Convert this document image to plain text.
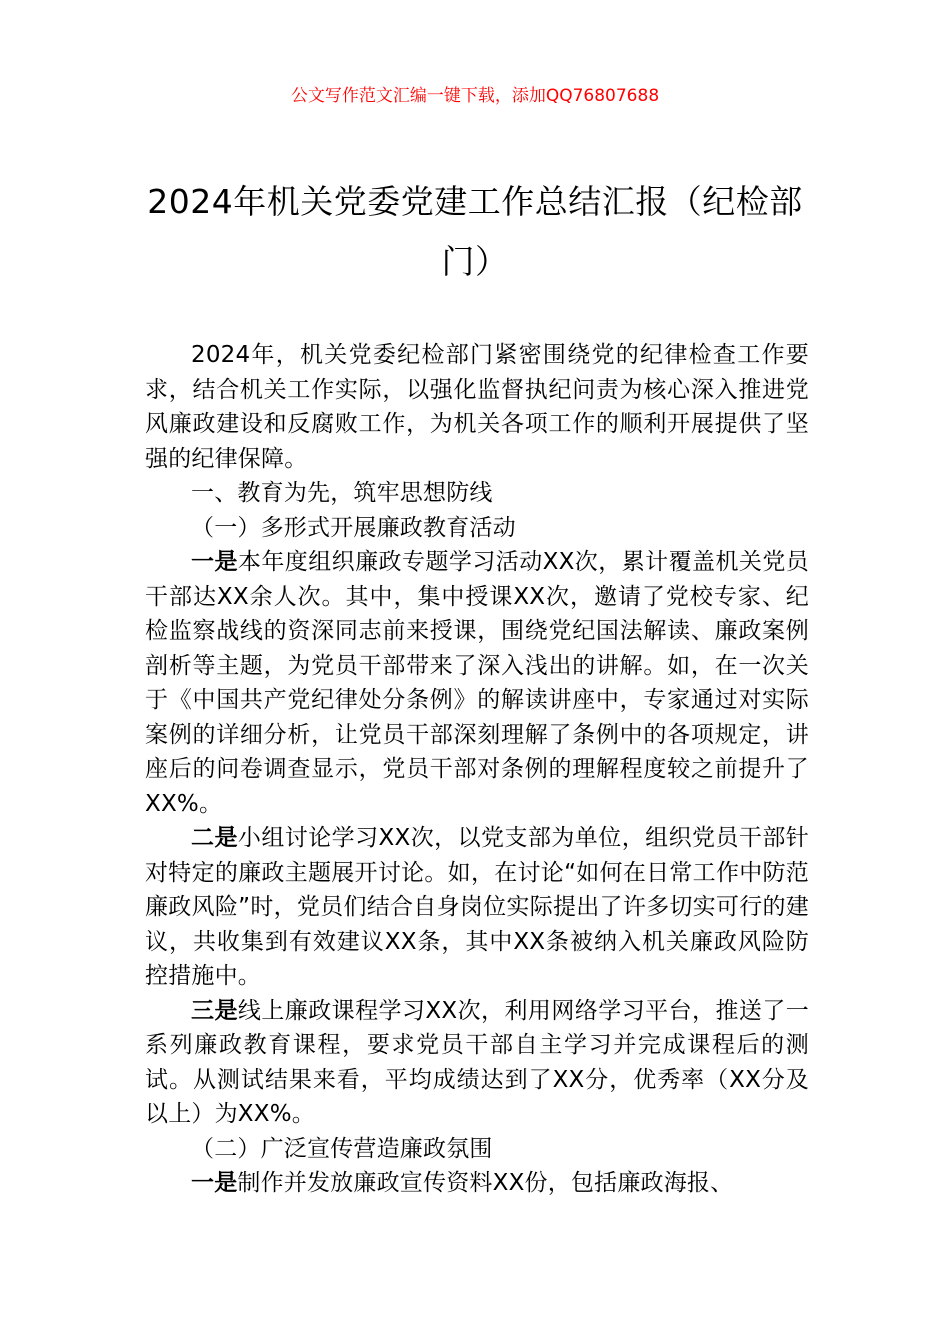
公文写作范文汇编一键下载，添加QQ76807688
2024年机关党委党建工作总结汇报（纪检部门）

2024年，机关党委纪检部门紧密围绕党的纪律检查工作要求，结合机关工作实际，以强化监督执纪问责为核心深入推进党风廉政建设和反腐败工作，为机关各项工作的顺利开展提供了坚强的纪律保障。

一、教育为先，筑牢思想防线

（一）多形式开展廉政教育活动

一是本年度组织廉政专题学习活动XX次，累计覆盖机关党员干部达XX余人次。其中，集中授课XX次，邀请了党校专家、纪检监察战线的资深同志前来授课，围绕党纪国法解读、廉政案例剖析等主题，为党员干部带来了深入浅出的讲解。如，在一次关于《中国共产党纪律处分条例》的解读讲座中，专家通过对实际案例的详细分析，让党员干部深刻理解了条例中的各项规定，讲座后的问卷调查显示，党员干部对条例的理解程度较之前提升了XX%。

二是小组讨论学习XX次，以党支部为单位，组织党员干部针对特定的廉政主题展开讨论。如，在讨论“如何在日常工作中防范廉政风险”时，党员们结合自身岗位实际提出了许多切实可行的建议，共收集到有效建议XX条，其中XX条被纳入机关廉政风险防控措施中。

三是线上廉政课程学习XX次，利用网络学习平台，推送了一系列廉政教育课程，要求党员干部自主学习并完成课程后的测试。从测试结果来看，平均成绩达到了XX分，优秀率（XX分及以上）为XX%。

（二）广泛宣传营造廉政氛围

一是制作并发放廉政宣传资料XX份，包括廉政海报、
